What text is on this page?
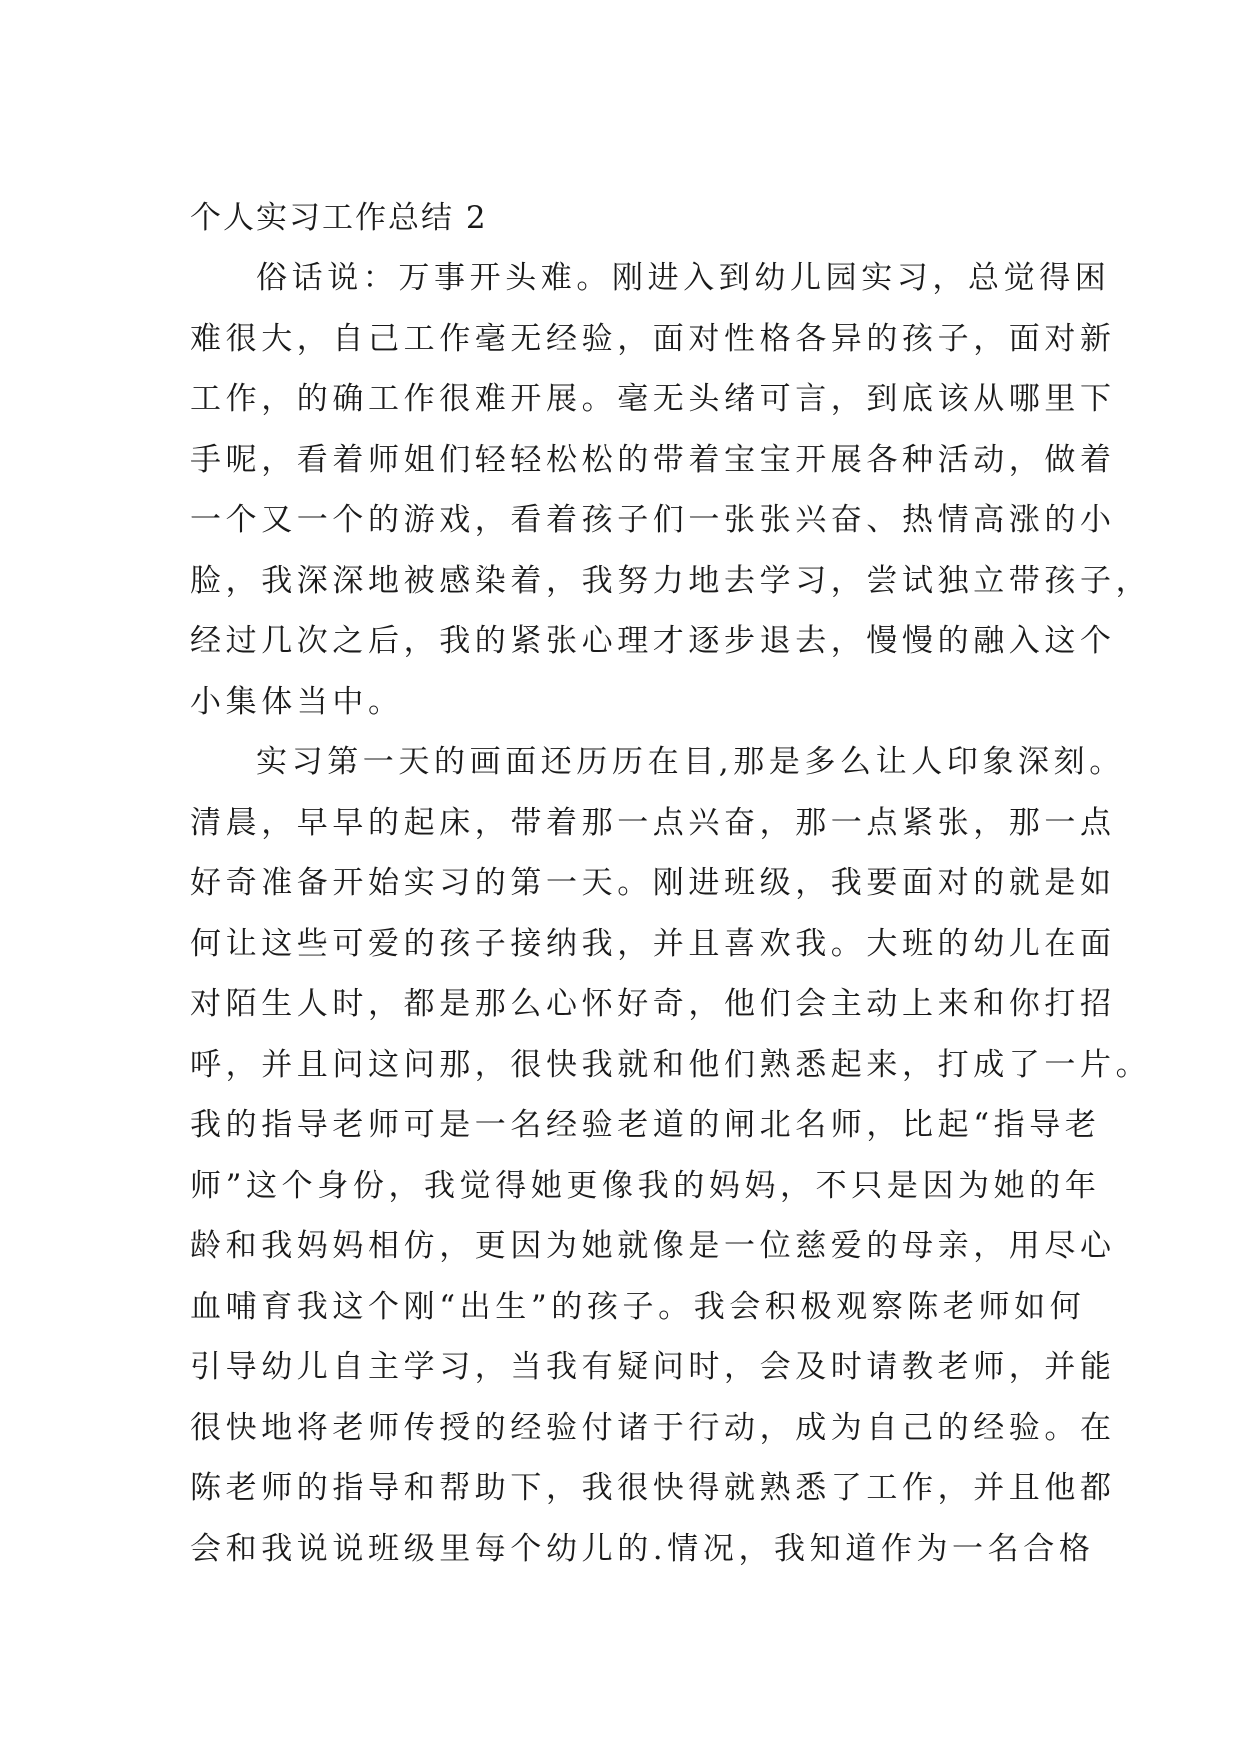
个人实习工作总结 2
俗话说：万事开头难。刚进入到幼儿园实习，总觉得困
难很大，自己工作毫无经验，面对性格各异的孩子，面对新
工作，的确工作很难开展。毫无头绪可言，到底该从哪里下
手呢，看着师姐们轻轻松松的带着宝宝开展各种活动，做着
一个又一个的游戏，看着孩子们一张张兴奋、热情高涨的小
脸，我深深地被感染着，我努力地去学习，尝试独立带孩子，
经过几次之后，我的紧张心理才逐步退去，慢慢的融入这个
小集体当中。
实习第一天的画面还历历在目,那是多么让人印象深刻。
清晨，早早的起床，带着那一点兴奋，那一点紧张，那一点
好奇准备开始实习的第一天。刚进班级，我要面对的就是如
何让这些可爱的孩子接纳我，并且喜欢我。大班的幼儿在面
对陌生人时，都是那么心怀好奇，他们会主动上来和你打招
呼，并且问这问那，很快我就和他们熟悉起来，打成了一片。
我的指导老师可是一名经验老道的闸北名师，比起“指导老
师”这个身份，我觉得她更像我的妈妈，不只是因为她的年
龄和我妈妈相仿，更因为她就像是一位慈爱的母亲，用尽心
血哺育我这个刚“出生”的孩子。我会积极观察陈老师如何
引导幼儿自主学习，当我有疑问时，会及时请教老师，并能
很快地将老师传授的经验付诸于行动，成为自己的经验。在
陈老师的指导和帮助下，我很快得就熟悉了工作，并且他都
会和我说说班级里每个幼儿的.情况，我知道作为一名合格
